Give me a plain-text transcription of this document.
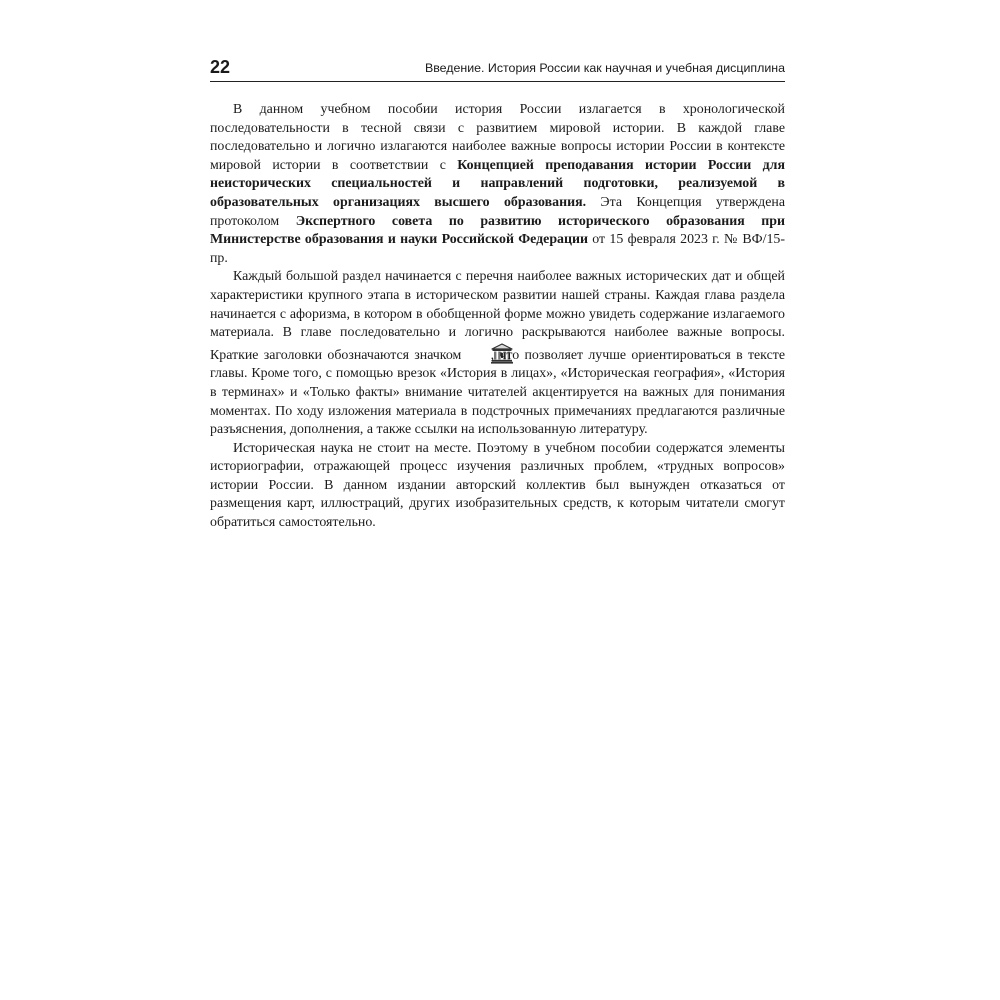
22	Введение. История России как научная и учебная дисциплина

В данном учебном пособии история России излагается в хронологической последовательности в тесной связи с развитием мировой истории. В каждой главе последовательно и логично излагаются наиболее важные вопросы истории России в контексте мировой истории в соответствии с Концепцией преподавания истории России для неисторических специальностей и направлений подготовки, реализуемой в образовательных организациях высшего образования. Эта Концепция утверждена протоколом Экспертного совета по развитию исторического образования при Министерстве образования и науки Российской Федерации от 15 февраля 2023 г. № ВФ/15-пр.

Каждый большой раздел начинается с перечня наиболее важных исторических дат и общей характеристики крупного этапа в историческом развитии нашей страны. Каждая глава раздела начинается с афоризма, в котором в обобщенной форме можно увидеть содержание излагаемого материала. В главе последовательно и логично раскрываются наиболее важные вопросы. Краткие заголовки обозначаются значком , что позволяет лучше ориентироваться в тексте главы. Кроме того, с помощью врезок «История в лицах», «Историческая география», «История в терминах» и «Только факты» внимание читателей акцентируется на важных для понимания моментах. По ходу изложения материала в подстрочных примечаниях предлагаются различные разъяснения, дополнения, а также ссылки на использованную литературу.

Историческая наука не стоит на месте. Поэтому в учебном пособии содержатся элементы историографии, отражающей процесс изучения различных проблем, «трудных вопросов» истории России. В данном издании авторский коллектив был вынужден отказаться от размещения карт, иллюстраций, других изобразительных средств, к которым читатели смогут обратиться самостоятельно.
